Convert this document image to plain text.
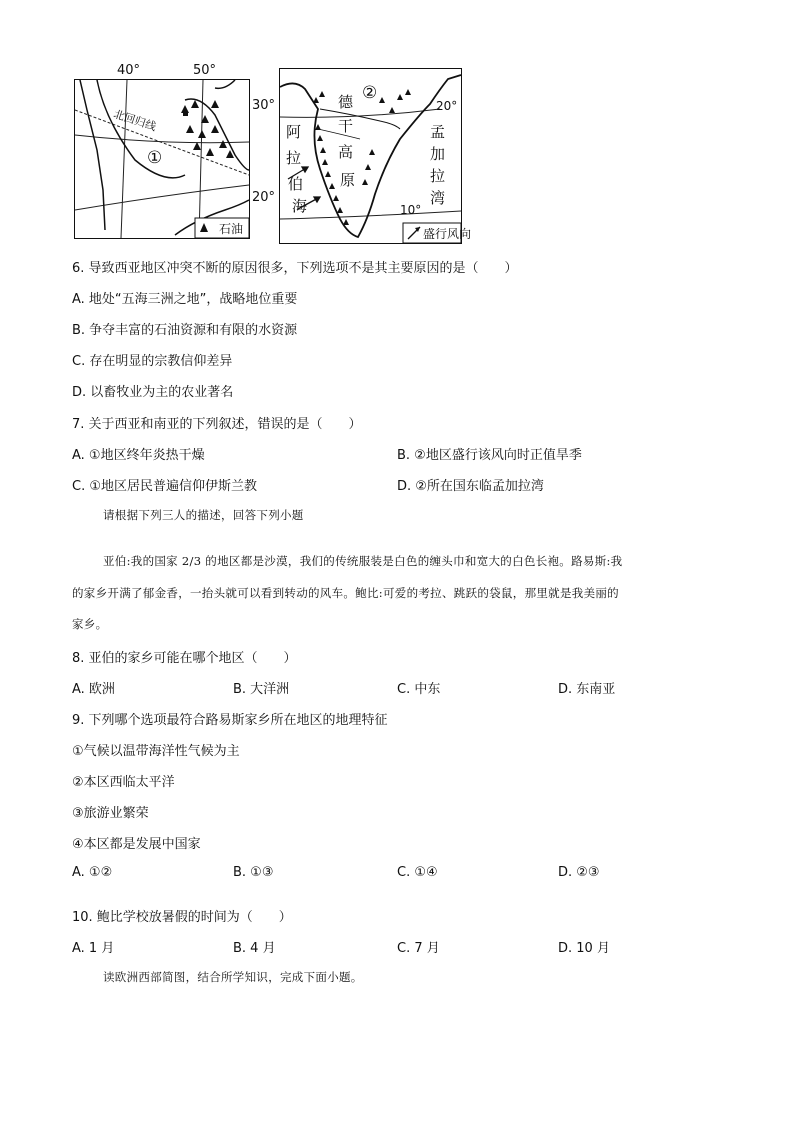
40°	50°
30°
20°
北回归线
①
石油
②
20°
10°
德
干
高
原
阿
拉
伯
海
孟
加
拉
湾
盛行风向
6. 导致西亚地区冲突不断的原因很多，下列选项不是其主要原因的是（　　）
A. 地处“五海三洲之地”，战略地位重要
B. 争夺丰富的石油资源和有限的水资源
C. 存在明显的宗教信仰差异
D. 以畜牧业为主的农业著名
7. 关于西亚和南亚的下列叙述，错误的是（　　）
A. ①地区终年炎热干燥	B. ②地区盛行该风向时正值旱季
C. ①地区居民普遍信仰伊斯兰教	D. ②所在国东临孟加拉湾
请根据下列三人的描述，回答下列小题
亚伯:我的国家 2/3 的地区都是沙漠，我们的传统服装是白色的缠头巾和宽大的白色长袍。路易斯:我
的家乡开满了郁金香，一抬头就可以看到转动的风车。鲍比:可爱的考拉、跳跃的袋鼠，那里就是我美丽的
家乡。
8. 亚伯的家乡可能在哪个地区（　　）
A. 欧洲	B. 大洋洲	C. 中东	D. 东南亚
9. 下列哪个选项最符合路易斯家乡所在地区的地理特征
①气候以温带海洋性气候为主
②本区西临太平洋
③旅游业繁荣
④本区都是发展中国家
A. ①②	B. ①③	C. ①④	D. ②③
10. 鲍比学校放暑假的时间为（　　）
A. 1 月	B. 4 月	C. 7 月	D. 10 月
读欧洲西部简图，结合所学知识，完成下面小题。
